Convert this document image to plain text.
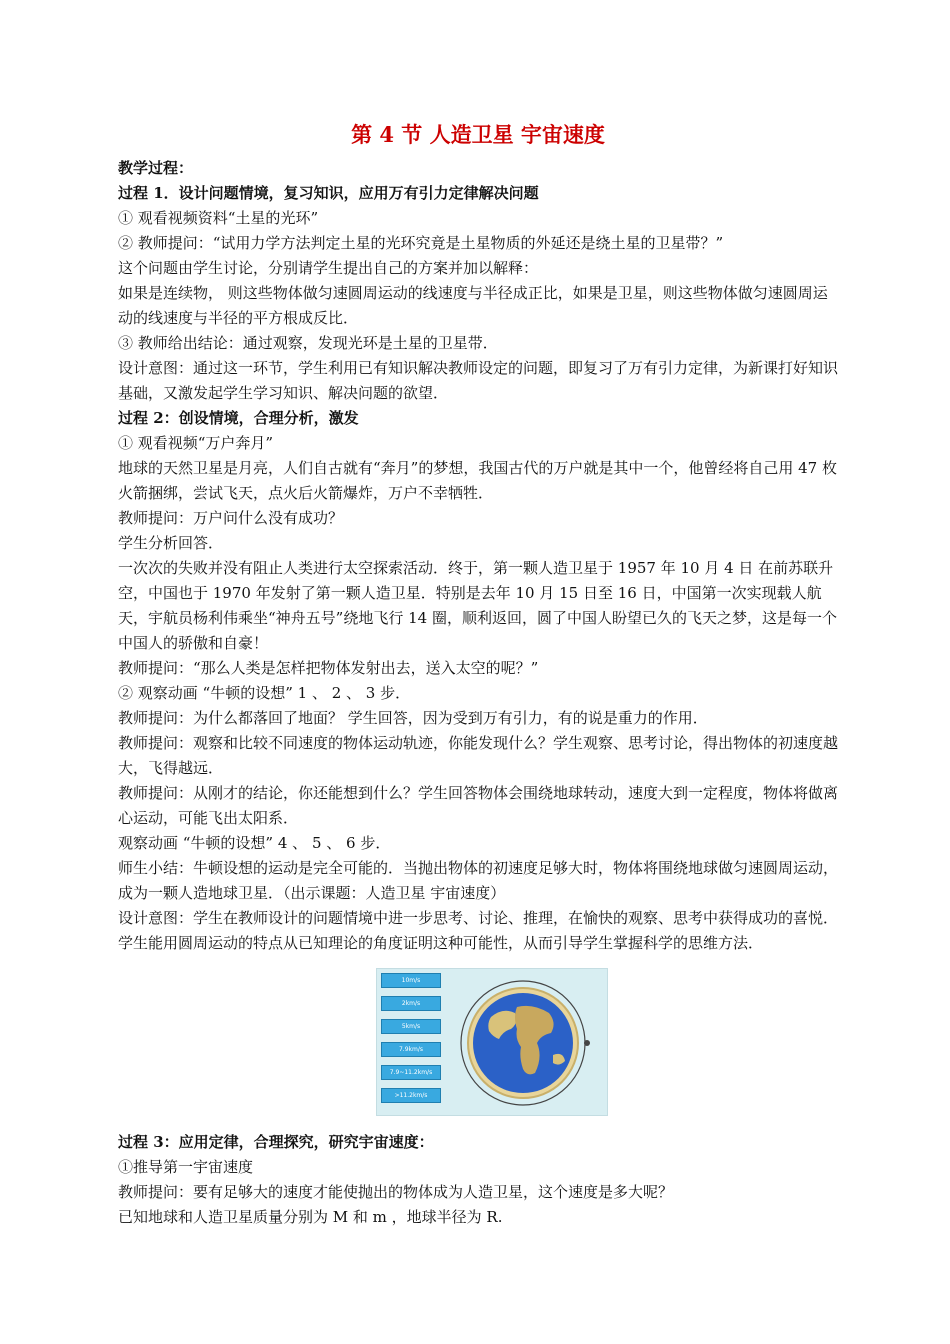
第 4 节 人造卫星 宇宙速度

教学过程：

过程 1．设计问题情境，复习知识，应用万有引力定律解决问题

① 观看视频资料“土星的光环”

② 教师提问：“试用力学方法判定土星的光环究竟是土星物质的外延还是绕土星的卫星带？”

这个问题由学生讨论，分别请学生提出自己的方案并加以解释：

如果是连续物， 则这些物体做匀速圆周运动的线速度与半径成正比，如果是卫星，则这些物体做匀速圆周运动的线速度与半径的平方根成反比．

③ 教师给出结论：通过观察，发现光环是土星的卫星带．

设计意图：通过这一环节，学生利用已有知识解决教师设定的问题，即复习了万有引力定律，为新课打好知识基础，又激发起学生学习知识、解决问题的欲望．

过程 2：创设情境，合理分析，激发

① 观看视频“万户奔月”

地球的天然卫星是月亮，人们自古就有“奔月”的梦想，我国古代的万户就是其中一个，他曾经将自己用 47 枚火箭捆绑，尝试飞天，点火后火箭爆炸，万户不幸牺牲．

教师提问：万户问什么没有成功？

学生分析回答．

一次次的失败并没有阻止人类进行太空探索活动．终于，第一颗人造卫星于 1957 年 10 月 4 日 在前苏联升空，中国也于 1970 年发射了第一颗人造卫星．特别是去年 10 月 15 日至 16 日，中国第一次实现载人航天，宇航员杨利伟乘坐“神舟五号”绕地飞行 14 圈，顺利返回，圆了中国人盼望已久的飞天之梦，这是每一个中国人的骄傲和自豪！

教师提问：“那么人类是怎样把物体发射出去，送入太空的呢？”

② 观察动画 “牛顿的设想” 1 、 2 、 3 步．

教师提问：为什么都落回了地面？ 学生回答，因为受到万有引力，有的说是重力的作用．

教师提问：观察和比较不同速度的物体运动轨迹，你能发现什么？学生观察、思考讨论，得出物体的初速度越大，飞得越远．

教师提问：从刚才的结论，你还能想到什么？学生回答物体会围绕地球转动，速度大到一定程度，物体将做离心运动，可能飞出太阳系．

观察动画 “牛顿的设想” 4 、 5 、 6 步．

师生小结：牛顿设想的运动是完全可能的．当抛出物体的初速度足够大时，物体将围绕地球做匀速圆周运动，成为一颗人造地球卫星．（出示课题：人造卫星 宇宙速度）

设计意图：学生在教师设计的问题情境中进一步思考、讨论、推理，在愉快的观察、思考中获得成功的喜悦．学生能用圆周运动的特点从已知理论的角度证明这种可能性，从而引导学生掌握科学的思维方法．

10m/s
2km/s
5km/s
7.9km/s
7.9~11.2km/s
>11.2km/s

过程 3：应用定律，合理探究，研究宇宙速度：

①推导第一宇宙速度

教师提问：要有足够大的速度才能使抛出的物体成为人造卫星，这个速度是多大呢？

已知地球和人造卫星质量分别为 M 和 m ，地球半径为 R.
